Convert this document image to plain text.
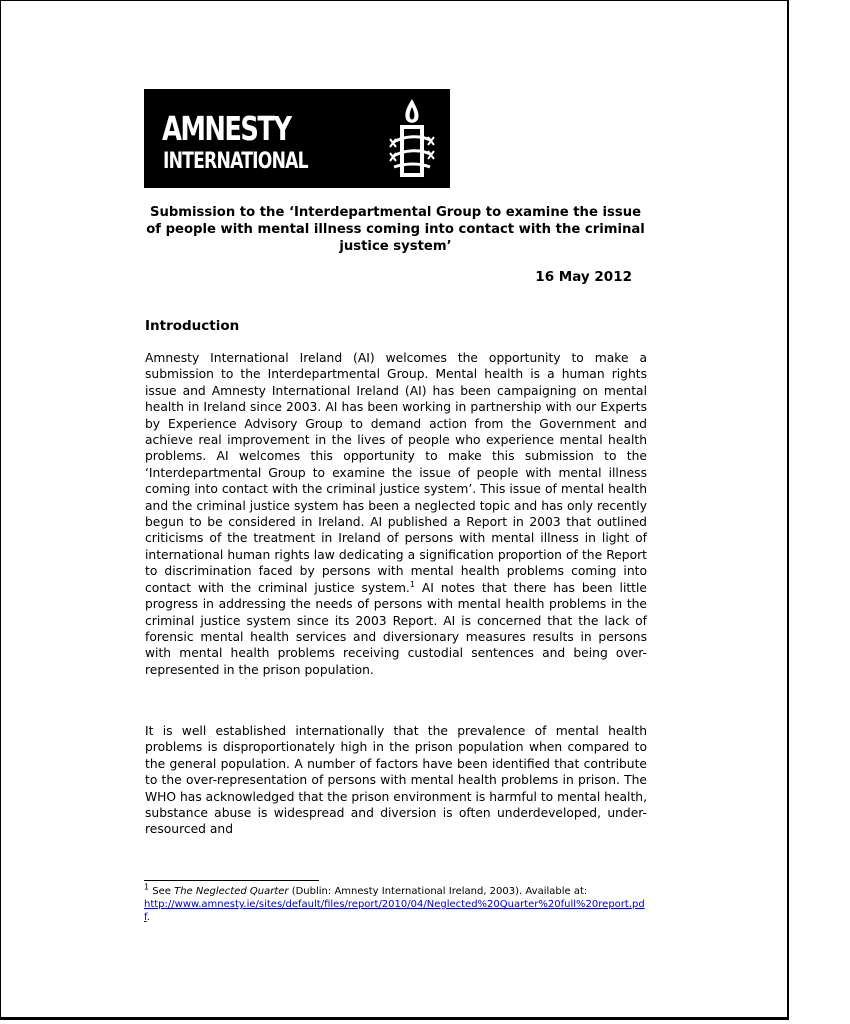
AMNESTY
INTERNATIONAL
Submission to the ‘Interdepartmental Group to examine the issue of people with mental illness coming into contact with the criminal justice system’
16 May 2012
Introduction

Amnesty International Ireland (AI) welcomes the opportunity to make a submission to the Interdepartmental Group. Mental health is a human rights issue and Amnesty International Ireland (AI) has been campaigning on mental health in Ireland since 2003. AI has been working in partnership with our Experts by Experience Advisory Group to demand action from the Government and achieve real improvement in the lives of people who experience mental health problems. AI welcomes this opportunity to make this submission to the ‘Interdepartmental Group to examine the issue of people with mental illness coming into contact with the criminal justice system’. This issue of mental health and the criminal justice system has been a neglected topic and has only recently begun to be considered in Ireland. AI published a Report in 2003 that outlined criticisms of the treatment in Ireland of persons with mental illness in light of international human rights law dedicating a signification proportion of the Report to discrimination faced by persons with mental health problems coming into contact with the criminal justice system.$^1$ AI notes that there has been little progress in addressing the needs of persons with mental health problems in the criminal justice system since its 2003 Report. AI is concerned that the lack of forensic mental health services and diversionary measures results in persons with mental health problems receiving custodial sentences and being over-represented in the prison population.

It is well established internationally that the prevalence of mental health problems is disproportionately high in the prison population when compared to the general population. A number of factors have been identified that contribute to the over-representation of persons with mental health problems in prison. The WHO has acknowledged that the prison environment is harmful to mental health, substance abuse is widespread and diversion is often underdeveloped, under-resourced and

$^1$ See The Neglected Quarter (Dublin: Amnesty International Ireland, 2003). Available at:
http://www.amnesty.ie/sites/default/files/report/2010/04/Neglected%20Quarter%20full%20report.pdf.
